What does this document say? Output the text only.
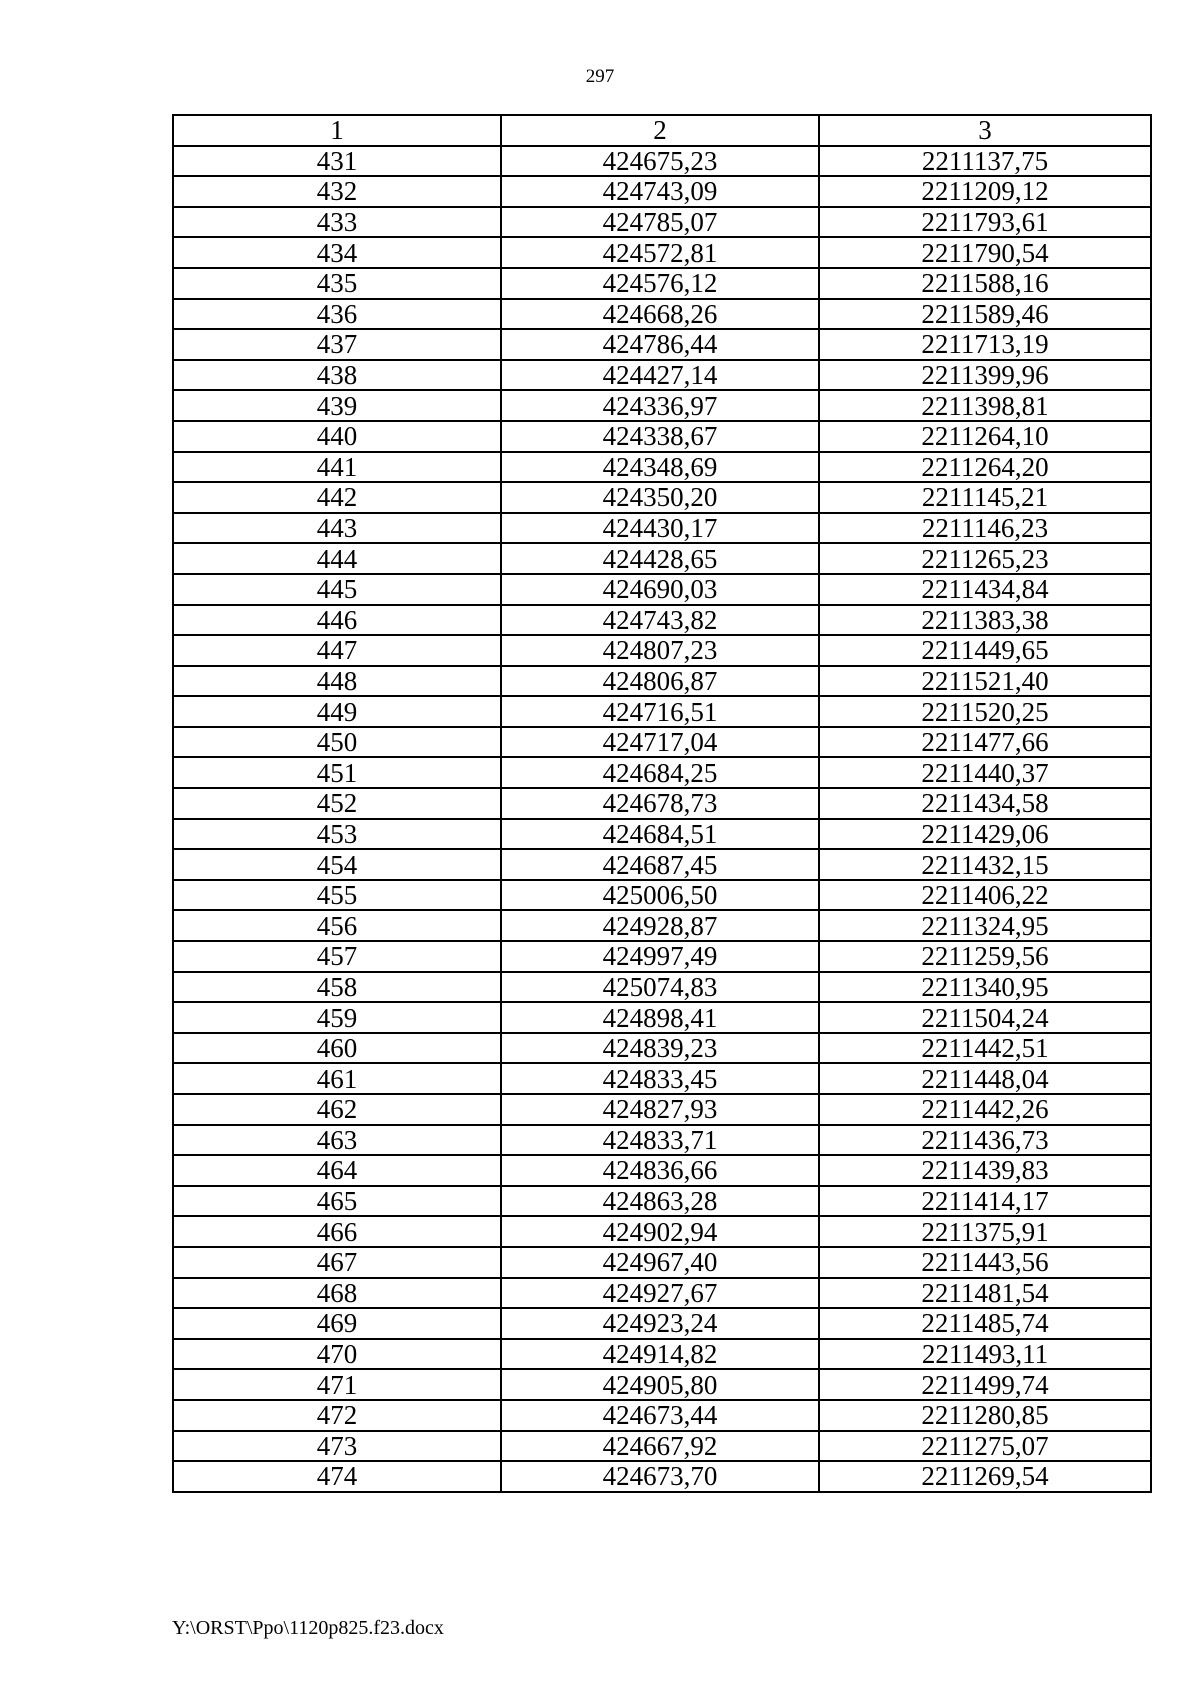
297
1	2	3
431	424675,23	2211137,75
432	424743,09	2211209,12
433	424785,07	2211793,61
434	424572,81	2211790,54
435	424576,12	2211588,16
436	424668,26	2211589,46
437	424786,44	2211713,19
438	424427,14	2211399,96
439	424336,97	2211398,81
440	424338,67	2211264,10
441	424348,69	2211264,20
442	424350,20	2211145,21
443	424430,17	2211146,23
444	424428,65	2211265,23
445	424690,03	2211434,84
446	424743,82	2211383,38
447	424807,23	2211449,65
448	424806,87	2211521,40
449	424716,51	2211520,25
450	424717,04	2211477,66
451	424684,25	2211440,37
452	424678,73	2211434,58
453	424684,51	2211429,06
454	424687,45	2211432,15
455	425006,50	2211406,22
456	424928,87	2211324,95
457	424997,49	2211259,56
458	425074,83	2211340,95
459	424898,41	2211504,24
460	424839,23	2211442,51
461	424833,45	2211448,04
462	424827,93	2211442,26
463	424833,71	2211436,73
464	424836,66	2211439,83
465	424863,28	2211414,17
466	424902,94	2211375,91
467	424967,40	2211443,56
468	424927,67	2211481,54
469	424923,24	2211485,74
470	424914,82	2211493,11
471	424905,80	2211499,74
472	424673,44	2211280,85
473	424667,92	2211275,07
474	424673,70	2211269,54
Y:\ORST\Ppo\1120p825.f23.docx
